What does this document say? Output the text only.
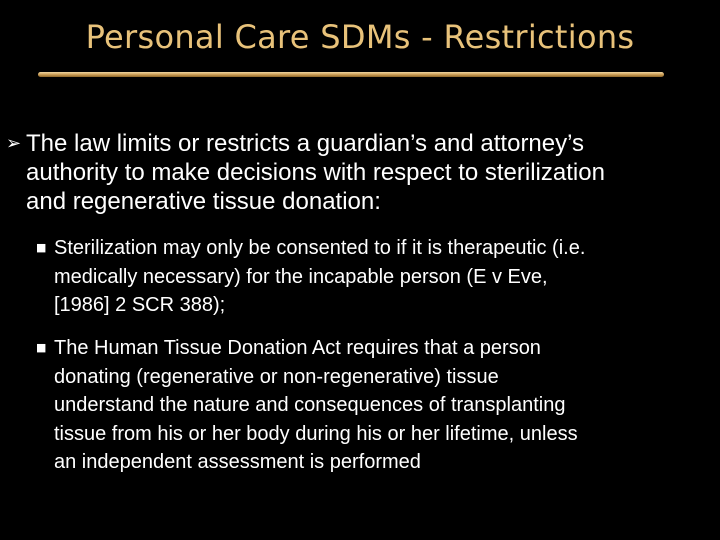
Personal Care SDMs - Restrictions
➢ The law limits or restricts a guardian’s and attorney’s
authority to make decisions with respect to sterilization
and regenerative tissue donation:
■ Sterilization may only be consented to if it is therapeutic (i.e.
medically necessary) for the incapable person (E v Eve,
[1986] 2 SCR 388);
■ The Human Tissue Donation Act requires that a person
donating (regenerative or non-regenerative) tissue
understand the nature and consequences of transplanting
tissue from his or her body during his or her lifetime, unless
an independent assessment is performed
